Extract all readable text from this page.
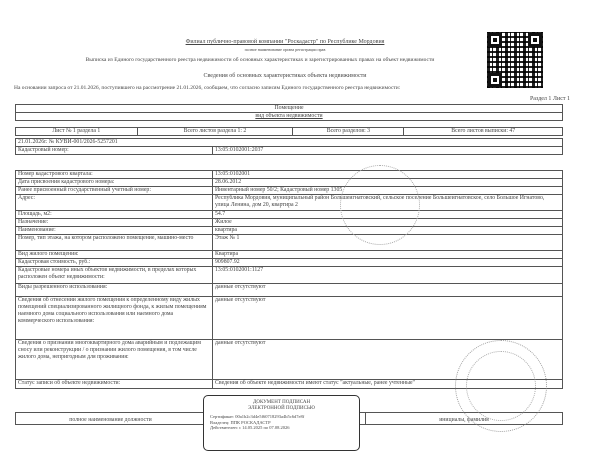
Филиал публично-правовой компании "Роскадастр" по Республике Мордовия
полное наименование органа регистрации прав
Выписка из Единого государственного реестра недвижимости об основных характеристиках и зарегистрированных правах на объект недвижимости
Сведения об основных характеристиках объекта недвижимости
На основании запроса от 21.01.2026, поступившего на рассмотрение 21.01.2026, сообщаем, что согласно записям Единого государственного реестра недвижимости:
Раздел 1 Лист 1
Помещение
вид объекта недвижимости
Лист № 1 раздела 1	Всего листов раздела 1: 2	Всего разделов: 3	Всего листов выписки: 47
21.01.2026г. № КУВИ-001/2026-5257201
Кадастровый номер:	13:05:0102001:2037
Номер кадастрового квартала:	13:05:0102001
Дата присвоения кадастрового номера:	28.06.2012
Ранее присвоенный государственный учетный номер:	Инвентарный номер 50/2; Кадастровый номер 1305
Адрес:	Республика Мордовия, муниципальный район Большеигнатовский, сельское поселение Большеигнатовское, село Большое Игнатово, улица Ленина, дом 20, квартира 2
Площадь, м2:	54.7
Назначение:	Жилое
Наименование:	квартира
Номер, тип этажа, на котором расположено помещение, машино-место	Этаж № 1
Вид жилого помещения:	Квартира
Кадастровая стоимость, руб.:	909807.92
Кадастровые номера иных объектов недвижимости, в пределах которых расположен объект недвижимости:	13:05:0102001:1127
Виды разрешенного использования:	данные отсутствуют
Сведения об отнесении жилого помещения к определенному виду жилых помещений специализированного жилищного фонда, к жилым помещениям наемного дома социального использования или наемного дома коммерческого использования:	данные отсутствуют
Сведения о признании многоквартирного дома аварийным и подлежащим сносу или реконструкции / о признании жилого помещения, в том числе жилого дома, непригодным для проживания:	данные отсутствуют
Статус записи об объекте недвижимости:	Сведения об объекте недвижимости имеют статус "актуальные, ранее учтенные"
полное наименование должности		инициалы, фамилия
ДОКУМЕНТ ПОДПИСАН
ЭЛЕКТРОННОЙ ПОДПИСЬЮ
Сертификат: 00a1b2c3d4e5f60718293a4b5c6d7e8f
Владелец: ППК РОСКАДАСТР
Действителен: с 14.05.2025 по 07.08.2026
